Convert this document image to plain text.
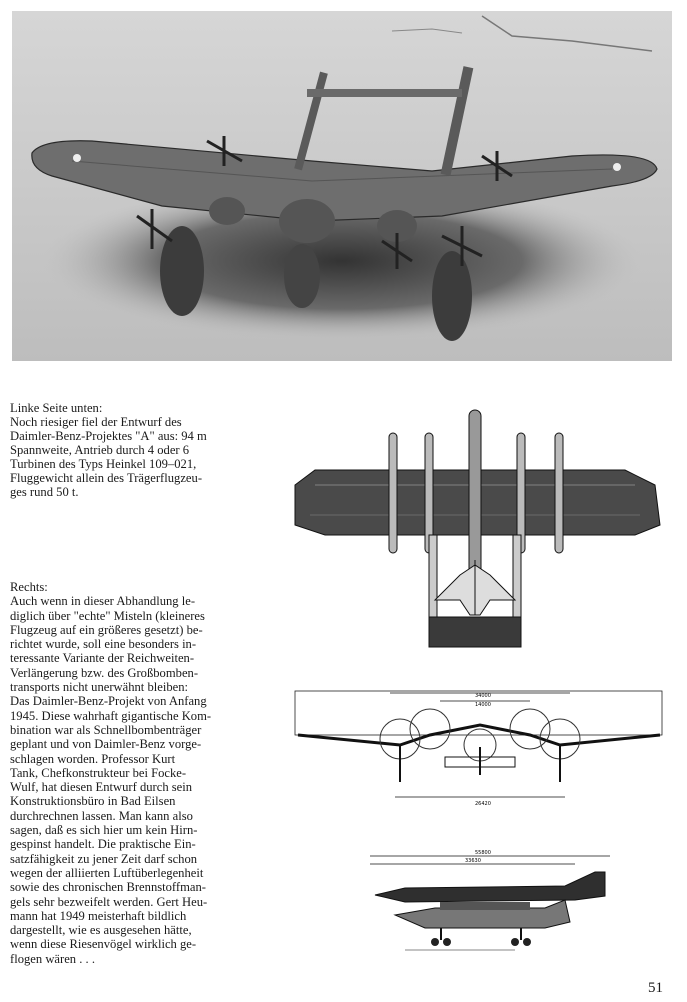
Linke Seite unten:

Noch riesiger fiel der Entwurf des
Daimler-Benz-Projektes "A" aus: 94 m
Spannweite, Antrieb durch 4 oder 6
Turbinen des Typs Heinkel 109–021,
Fluggewicht allein des Trägerflugzeu-
ges rund 50 t.

Rechts:

Auch wenn in dieser Abhandlung le-
diglich über "echte" Misteln (kleineres
Flugzeug auf ein größeres gesetzt) be-
richtet wurde, soll eine besonders in-
teressante Variante der Reichweiten-
Verlängerung bzw. des Großbomben-
transports nicht unerwähnt bleiben:
Das Daimler-Benz-Projekt von Anfang
1945. Diese wahrhaft gigantische Kom-
bination war als Schnellbombenträger
geplant und von Daimler-Benz vorge-
schlagen worden. Professor Kurt
Tank, Chefkonstrukteur bei Focke-
Wulf, hat diesen Entwurf durch sein
Konstruktionsbüro in Bad Eilsen
durchrechnen lassen. Man kann also
sagen, daß es sich hier um kein Hirn-
gespinst handelt. Die praktische Ein-
satzfähigkeit zu jener Zeit darf schon
wegen der alliierten Luftüberlegenheit
sowie des chronischen Brennstoffman-
gels sehr bezweifelt werden. Gert Heu-
mann hat 1949 meisterhaft bildlich
dargestellt, wie es ausgesehen hätte,
wenn diese Riesenvögel wirklich ge-
flogen wären . . .

34000
14000
26420
55800
33630
51
